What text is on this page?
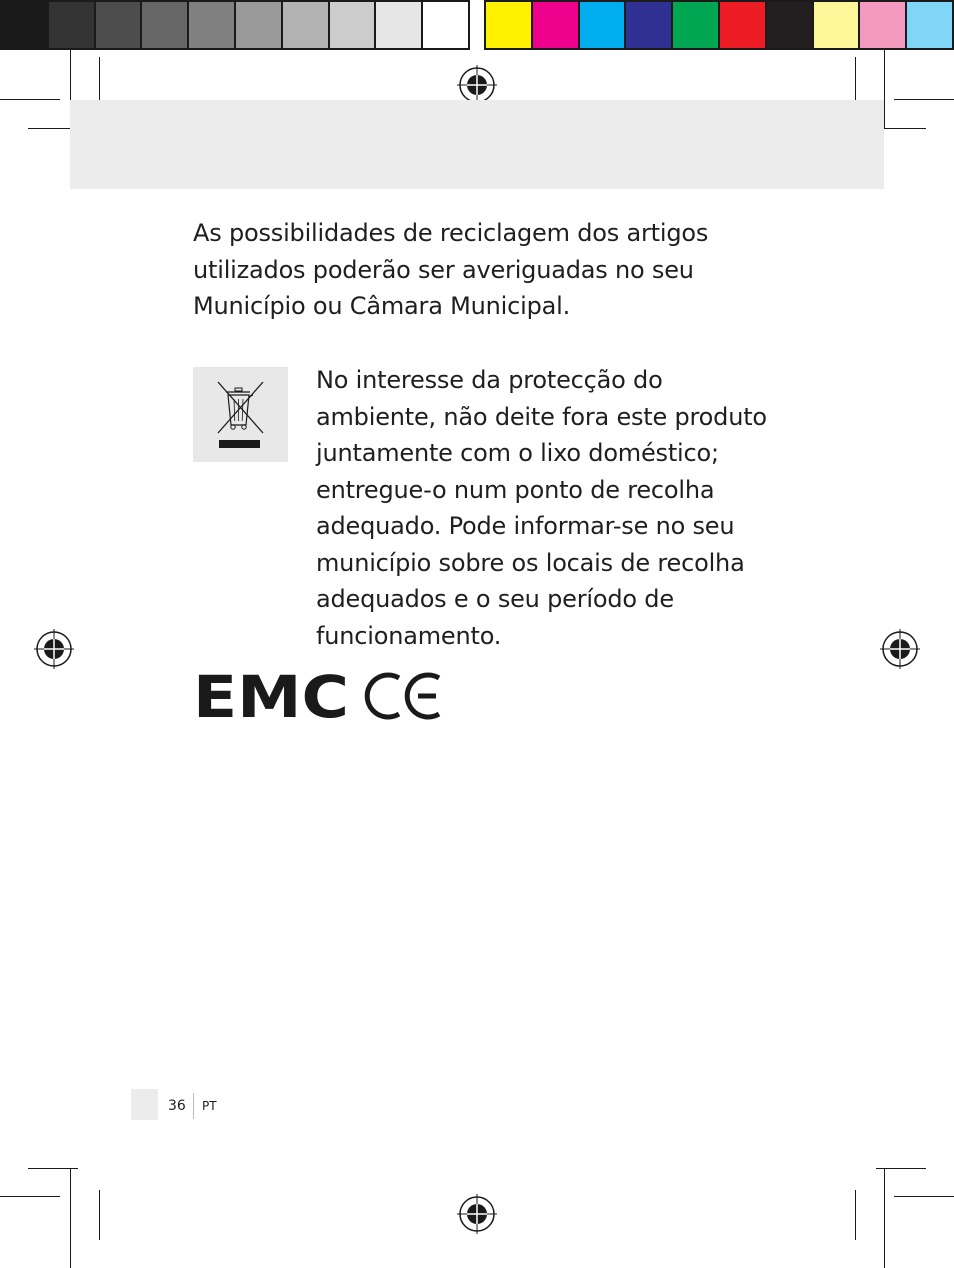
As possibilidades de reciclagem dos artigos utilizados poderão ser averiguadas no seu Município ou Câmara Municipal.

No interesse da protecção do ambiente, não deite fora este produto juntamente com o lixo doméstico; entregue-o num ponto de recolha adequado. Pode informar-se no seu município sobre os locais de recolha adequados e o seu período de funcionamento.

EMC
36 PT
